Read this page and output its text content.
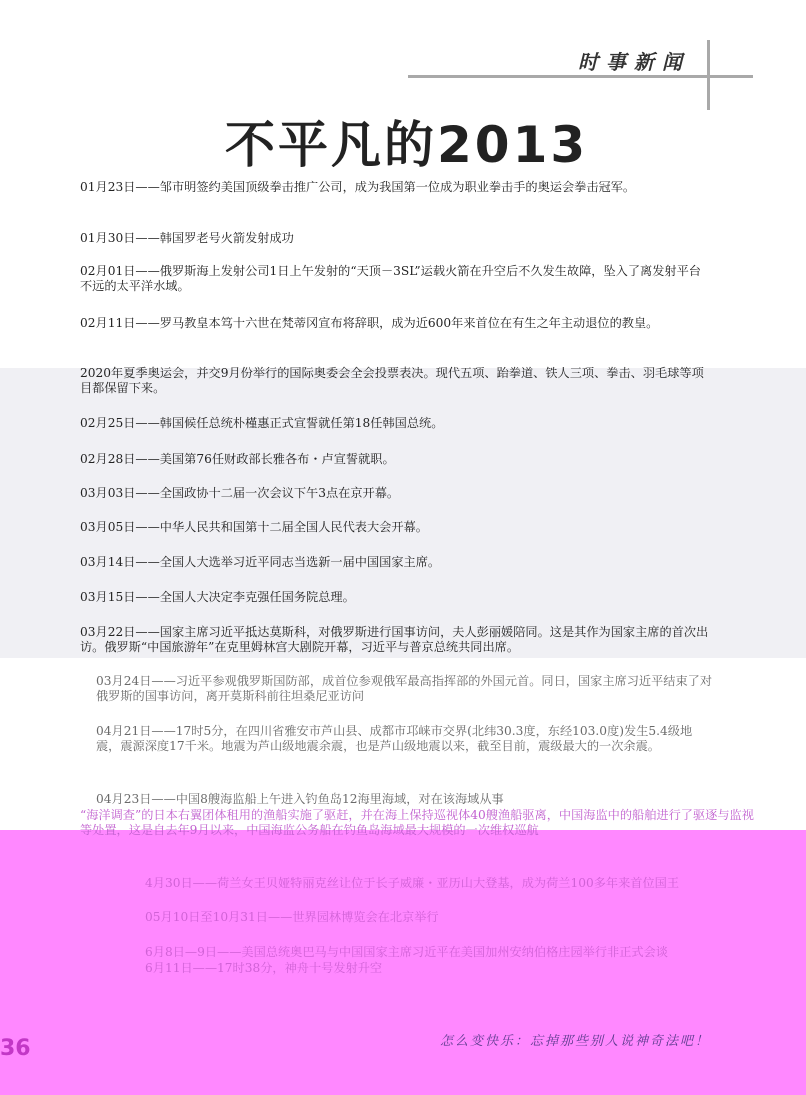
时事新闻
不平凡的2013

01月23日——邹市明签约美国顶级拳击推广公司，成为我国第一位成为职业拳击手的奥运会拳击冠军。

01月30日——韩国罗老号火箭发射成功

02月01日——俄罗斯海上发射公司1日上午发射的“天顶－3SL”运载火箭在升空后不久发生故障，坠入了离发射平台不远的太平洋水域。

02月11日——罗马教皇本笃十六世在梵蒂冈宣布将辞职，成为近600年来首位在有生之年主动退位的教皇。

2020年夏季奥运会，并交9月份举行的国际奥委会全会投票表决。现代五项、跆拳道、铁人三项、拳击、羽毛球等项目都保留下来。

02月25日——韩国候任总统朴槿惠正式宣誓就任第18任韩国总统。

02月28日——美国第76任财政部长雅各布・卢宣誓就职。

03月03日——全国政协十二届一次会议下午3点在京开幕。

03月05日——中华人民共和国第十二届全国人民代表大会开幕。

03月14日——全国人大选举习近平同志当选新一届中国国家主席。

03月15日——全国人大决定李克强任国务院总理。

03月22日——国家主席习近平抵达莫斯科，对俄罗斯进行国事访问，夫人彭丽媛陪同。这是其作为国家主席的首次出访。俄罗斯“中国旅游年”在克里姆林宫大剧院开幕，习近平与普京总统共同出席。

03月24日——习近平参观俄罗斯国防部，成首位参观俄军最高指挥部的外国元首。同日，国家主席习近平结束了对俄罗斯的国事访问，离开莫斯科前往坦桑尼亚访问

04月21日——17时5分，在四川省雅安市芦山县、成都市邛崃市交界(北纬30.3度，东经103.0度)发生5.4级地震，震源深度17千米。地震为芦山级地震余震，也是芦山级地震以来，截至目前，震级最大的一次余震。

04月23日——中国8艘海监船上午进入钓鱼岛12海里海域，对在该海域从事

“海洋调查”的日本右翼团体租用的渔船实施了驱赶，并在海上保持巡视体40艘渔船驱离，中国海监中的船舶进行了驱逐与监视等处置，这是自去年9月以来，中国海监公务船在钓鱼岛海域最大规模的一次维权巡航

4月30日——荷兰女王贝娅特丽克丝让位于长子威廉・亚历山大登基，成为荷兰100多年来首位国王

05月10日至10月31日——世界园林博览会在北京举行

6月8日—9日——美国总统奥巴马与中国国家主席习近平在美国加州安纳伯格庄园举行非正式会谈

6月11日——17时38分，神舟十号发射升空

36	怎么变快乐：忘掉那些别人说神奇法吧！
